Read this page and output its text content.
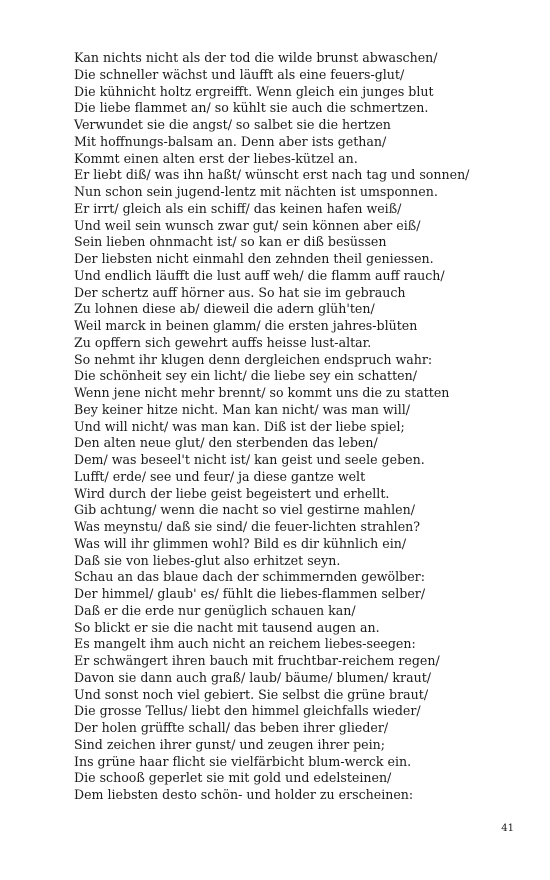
Kan nichts nicht als der tod die wilde brunst abwaschen/
Die schneller wächst und läufft als eine feuers-glut/
Die kühnicht holtz ergreifft. Wenn gleich ein junges blut
Die liebe flammet an/ so kühlt sie auch die schmertzen.
Verwundet sie die angst/ so salbet sie die hertzen
Mit hoffnungs-balsam an. Denn aber ists gethan/
Kommt einen alten erst der liebes-kützel an.
Er liebt diß/ was ihn haßt/ wünscht erst nach tag und sonnen/
Nun schon sein jugend-lentz mit nächten ist umsponnen.
Er irrt/ gleich als ein schiff/ das keinen hafen weiß/
Und weil sein wunsch zwar gut/ sein können aber eiß/
Sein lieben ohnmacht ist/ so kan er diß besüssen
Der liebsten nicht einmahl den zehnden theil geniessen.
Und endlich läufft die lust auff weh/ die flamm auff rauch/
Der schertz auff hörner aus. So hat sie im gebrauch
Zu lohnen diese ab/ dieweil die adern glüh'ten/
Weil marck in beinen glamm/ die ersten jahres-blüten
Zu opffern sich gewehrt auffs heisse lust-altar.
So nehmt ihr klugen denn dergleichen endspruch wahr:
Die schönheit sey ein licht/ die liebe sey ein schatten/
Wenn jene nicht mehr brennt/ so kommt uns die zu statten
Bey keiner hitze nicht. Man kan nicht/ was man will/
Und will nicht/ was man kan. Diß ist der liebe spiel;
Den alten neue glut/ den sterbenden das leben/
Dem/ was beseel't nicht ist/ kan geist und seele geben.
Lufft/ erde/ see und feur/ ja diese gantze welt
Wird durch der liebe geist begeistert und erhellt.
Gib achtung/ wenn die nacht so viel gestirne mahlen/
Was meynstu/ daß sie sind/ die feuer-lichten strahlen?
Was will ihr glimmen wohl? Bild es dir kühnlich ein/
Daß sie von liebes-glut also erhitzet seyn.
Schau an das blaue dach der schimmernden gewölber:
Der himmel/ glaub' es/ fühlt die liebes-flammen selber/
Daß er die erde nur genüglich schauen kan/
So blickt er sie die nacht mit tausend augen an.
Es mangelt ihm auch nicht an reichem liebes-seegen:
Er schwängert ihren bauch mit fruchtbar-reichem regen/
Davon sie dann auch graß/ laub/ bäume/ blumen/ kraut/
Und sonst noch viel gebiert. Sie selbst die grüne braut/
Die grosse Tellus/ liebt den himmel gleichfalls wieder/
Der holen grüffte schall/ das beben ihrer glieder/
Sind zeichen ihrer gunst/ und zeugen ihrer pein;
Ins grüne haar flicht sie vielfärbicht blum-werck ein.
Die schooß geperlet sie mit gold und edelsteinen/
Dem liebsten desto schön- und holder zu erscheinen:
41
